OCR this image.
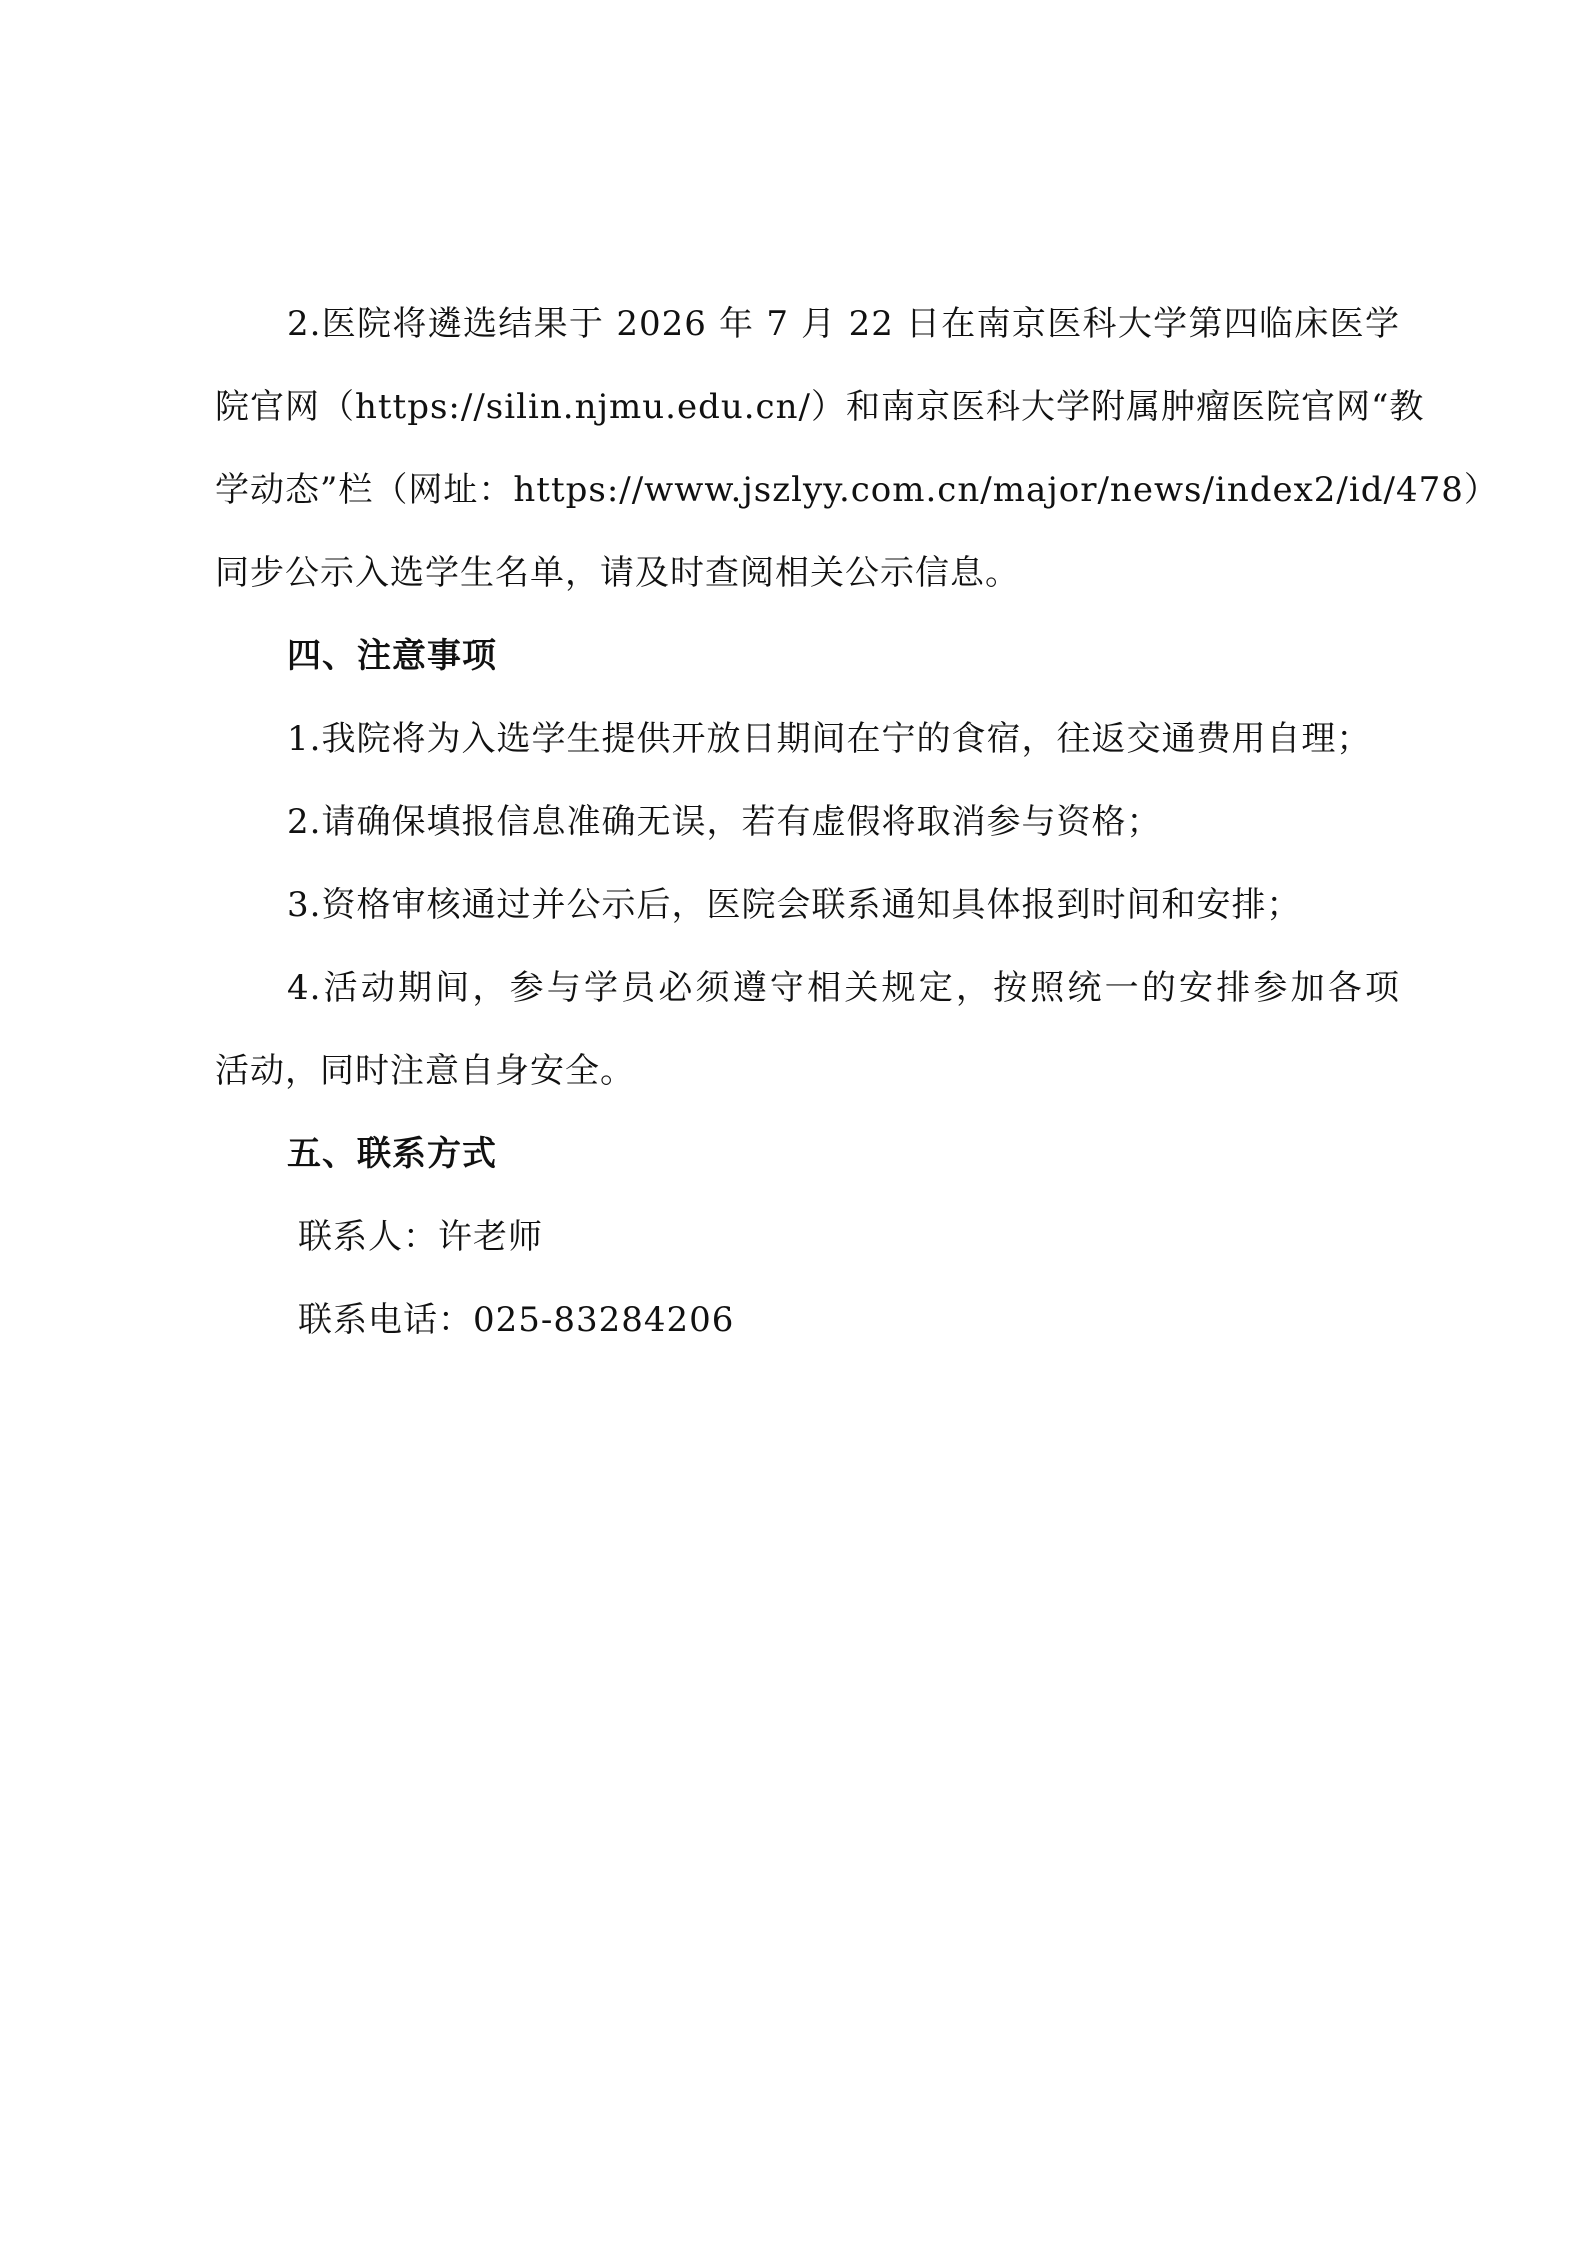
2.医院将遴选结果于 2026 年 7 月 22 日在南京医科大学第四临床医学
院官网（https://silin.njmu.edu.cn/）和南京医科大学附属肿瘤医院官网“教
学动态”栏（网址：https://www.jszlyy.com.cn/major/news/index2/id/478）
同步公示入选学生名单，请及时查阅相关公示信息。
四、注意事项
1.我院将为入选学生提供开放日期间在宁的食宿，往返交通费用自理；
2.请确保填报信息准确无误，若有虚假将取消参与资格；
3.资格审核通过并公示后，医院会联系通知具体报到时间和安排；
4.活动期间，参与学员必须遵守相关规定，按照统一的安排参加各项
活动，同时注意自身安全。
五、联系方式
联系人：许老师
联系电话：025-83284206
